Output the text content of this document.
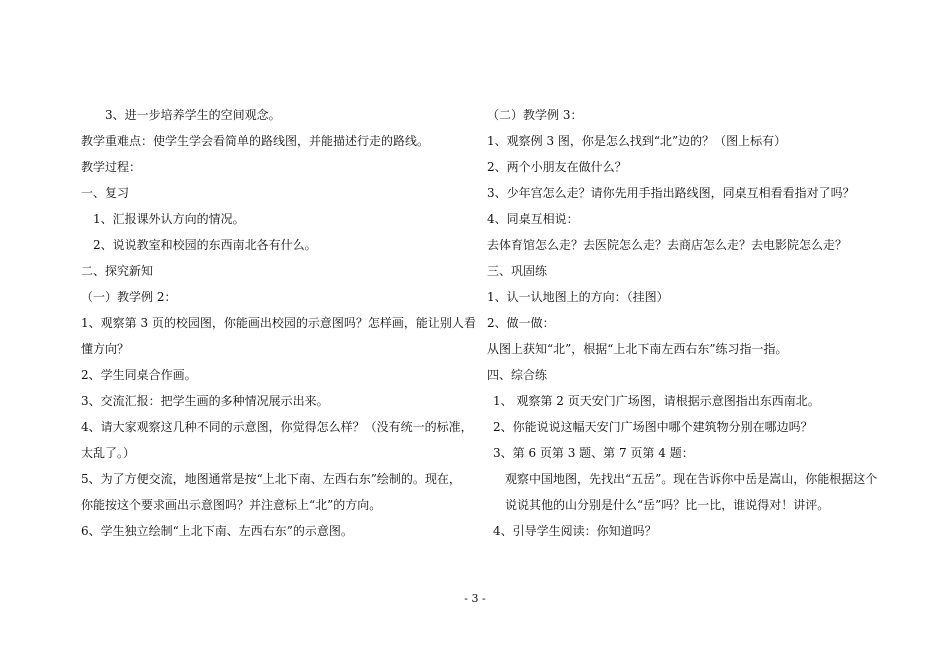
3、进一步培养学生的空间观念。
教学重难点：使学生学会看简单的路线图，并能描述行走的路线。
教学过程：
一、复习
1、汇报课外认方向的情况。
2、说说教室和校园的东西南北各有什么。
二、探究新知
（一）教学例 2：
1、观察第 3 页的校园图，你能画出校园的示意图吗？怎样画，能让别人看
懂方向？
2、学生同桌合作画。
3、交流汇报：把学生画的多种情况展示出来。
4、请大家观察这几种不同的示意图，你觉得怎么样？（没有统一的标准，
太乱了。）
5、为了方便交流，地图通常是按“上北下南、左西右东”绘制的。现在，
你能按这个要求画出示意图吗？并注意标上“北”的方向。
6、学生独立绘制“上北下南、左西右东”的示意图。
（二）教学例 3：
1、观察例 3 图，你是怎么找到“北”边的？（图上标有）
2、两个小朋友在做什么？
3、少年宫怎么走？请你先用手指出路线图，同桌互相看看指对了吗？
4、同桌互相说：
去体育馆怎么走？去医院怎么走？去商店怎么走？去电影院怎么走？
三、巩固练
1、认一认地图上的方向：（挂图）
2、做一做：
从图上获知“北”，根据“上北下南左西右东”练习指一指。
四、综合练
1、 观察第 2 页天安门广场图，请根据示意图指出东西南北。
2、你能说说这幅天安门广场图中哪个建筑物分别在哪边吗？
3、第 6 页第 3 题、第 7 页第 4 题：
观察中国地图，先找出“五岳”。现在告诉你中岳是嵩山，你能根据这个
说说其他的山分别是什么“岳”吗？比一比，谁说得对！讲评。
4、引导学生阅读：你知道吗？
- 3 -
